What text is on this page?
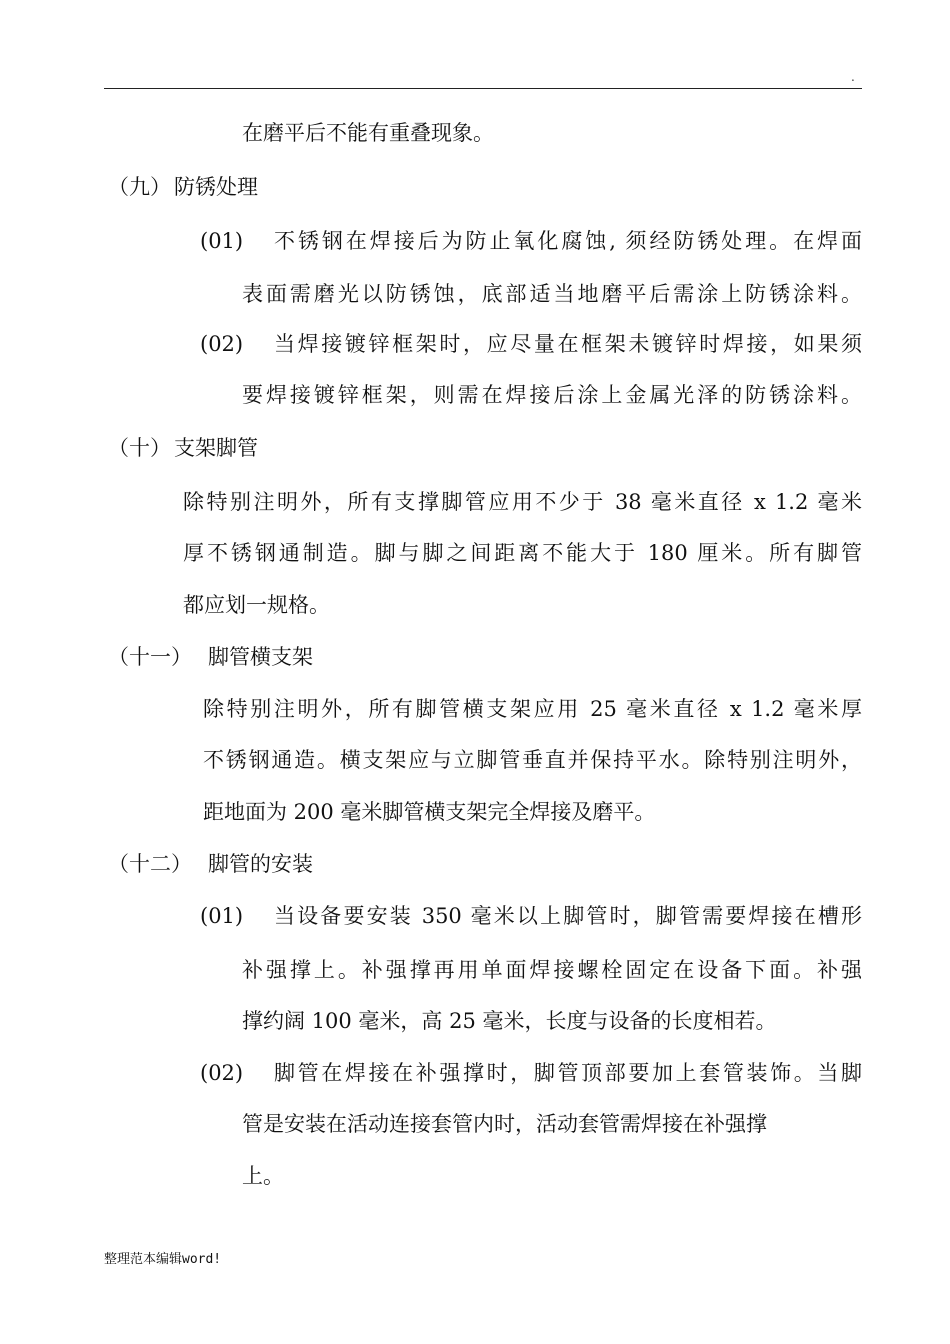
.
在磨平后不能有重叠现象。
（九） 防锈处理
(01)	不锈钢在焊接后为防止氧化腐蚀, 须经防锈处理。在焊面
表面需磨光以防锈蚀，底部适当地磨平后需涂上防锈涂料。
(02)	当焊接镀锌框架时，应尽量在框架未镀锌时焊接，如果须
要焊接镀锌框架，则需在焊接后涂上金属光泽的防锈涂料。
（十） 支架脚管
除特别注明外，所有支撑脚管应用不少于 38 毫米直径 x 1.2 毫米
厚不锈钢通制造。脚与脚之间距离不能大于 180 厘米。所有脚管
都应划一规格。
（十一） 脚管横支架
除特别注明外，所有脚管横支架应用 25 毫米直径 x 1.2 毫米厚
不锈钢通造。横支架应与立脚管垂直并保持平水。除特别注明外，
距地面为 200 毫米脚管横支架完全焊接及磨平。
（十二） 脚管的安装
(01)	当设备要安装 350 毫米以上脚管时，脚管需要焊接在槽形
补强撑上。补强撑再用单面焊接螺栓固定在设备下面。补强
撑约阔 100 毫米，高 25 毫米，长度与设备的长度相若。
(02)	脚管在焊接在补强撑时，脚管顶部要加上套管装饰。当脚
管是安装在活动连接套管内时，活动套管需焊接在补强撑
上。
整理范本编辑word!
